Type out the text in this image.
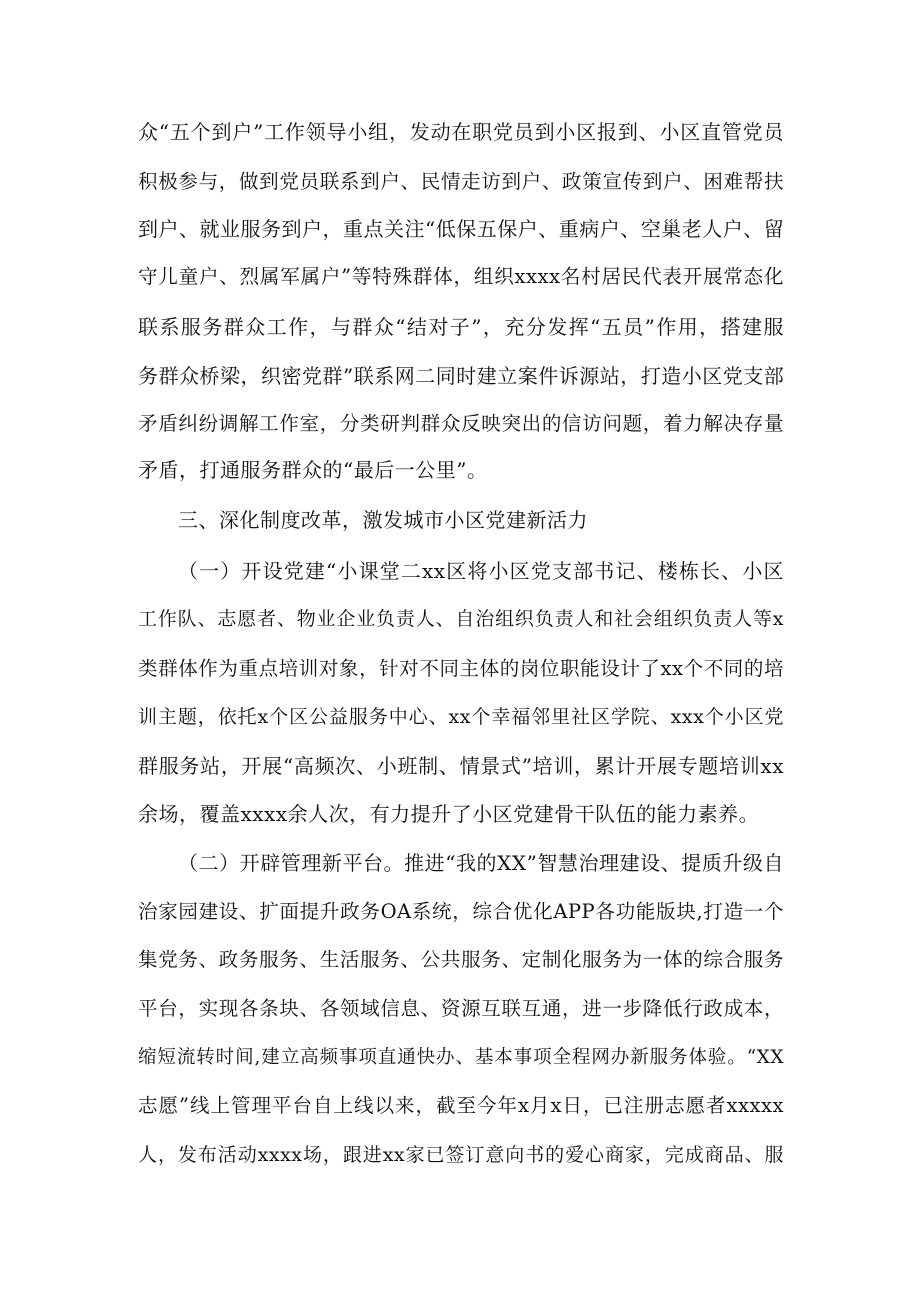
众“五个到户”工作领导小组，发动在职党员到小区报到、小区直管党员
积极参与，做到党员联系到户、民情走访到户、政策宣传到户、困难帮扶
到户、就业服务到户，重点关注“低保五保户、重病户、空巢老人户、留
守儿童户、烈属军属户”等特殊群体，组织xxxx名村居民代表开展常态化
联系服务群众工作，与群众“结对子”，充分发挥“五员”作用，搭建服
务群众桥梁，织密党群”联系网二同时建立案件诉源站，打造小区党支部
矛盾纠纷调解工作室，分类研判群众反映突出的信访问题，着力解决存量
矛盾，打通服务群众的“最后一公里”。
三、深化制度改革，激发城市小区党建新活力
（一）开设党建“小课堂二xx区将小区党支部书记、楼栋长、小区
工作队、志愿者、物业企业负责人、自治组织负责人和社会组织负责人等x
类群体作为重点培训对象，针对不同主体的岗位职能设计了xx个不同的培
训主题，依托x个区公益服务中心、xx个幸福邻里社区学院、xxx个小区党
群服务站，开展“高频次、小班制、情景式”培训，累计开展专题培训xx
余场，覆盖xxxx余人次，有力提升了小区党建骨干队伍的能力素养。
（二）开辟管理新平台。推进“我的XX”智慧治理建设、提质升级自
治家园建设、扩面提升政务OA系统，综合优化APP各功能版块,打造一个
集党务、政务服务、生活服务、公共服务、定制化服务为一体的综合服务
平台，实现各条块、各领域信息、资源互联互通，进一步降低行政成本，
缩短流转时间,建立高频事项直通快办、基本事项全程网办新服务体验。“XX
志愿”线上管理平台自上线以来，截至今年x月x日，已注册志愿者xxxxx
人，发布活动xxxx场，跟进xx家已签订意向书的爱心商家，完成商品、服
